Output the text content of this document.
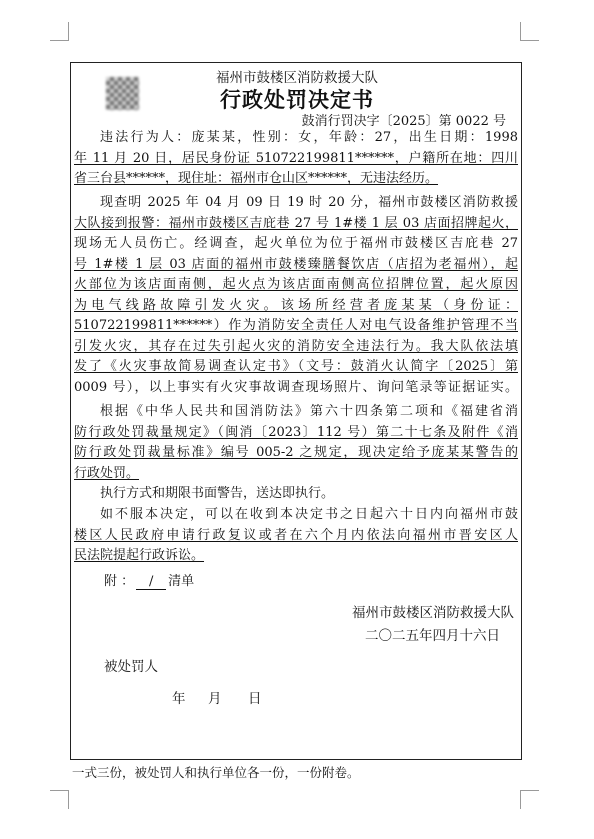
福州市鼓楼区消防救援大队
行政处罚决定书
鼓消行罚决字〔2025〕第 0022 号
违法行为人：庞某某，性别：女，年龄：27，出生日期：1998
年 11 月 20 日，居民身份证 510722199811******，户籍所在地：四川
省三台县******，现住址：福州市仓山区******，无违法经历。
现查明 2025 年 04 月 09 日 19 时 20 分，福州市鼓楼区消防救援
大队接到报警：福州市鼓楼区吉庇巷 27 号 1#楼 1 层 03 店面招牌起火，
现场无人员伤亡。经调查，起火单位为位于福州市鼓楼区吉庇巷 27
号 1#楼 1 层 03 店面的福州市鼓楼臻膳餐饮店（店招为老福州），起
火部位为该店面南侧，起火点为该店面南侧高位招牌位置，起火原因
为电气线路故障引发火灾。该场所经营者庞某某（身份证：
510722199811******）作为消防安全责任人对电气设备维护管理不当
引发火灾，其存在过失引起火灾的消防安全违法行为。我大队依法填
发了《火灾事故简易调查认定书》（文号：鼓消火认简字〔2025〕第
0009 号），以上事实有火灾事故调查现场照片、询问笔录等证据证实。
根据《中华人民共和国消防法》第六十四条第二项和《福建省消
防行政处罚裁量规定》（闽消〔2023〕112 号）第二十七条及附件《消
防行政处罚裁量标准》编号 005-2 之规定，现决定给予庞某某警告的
行政处罚。
执行方式和期限书面警告，送达即执行。
如不服本决定，可以在收到本决定书之日起六十日内向福州市鼓
楼区人民政府申请行政复议或者在六个月内依法向福州市晋安区人
民法院提起行政诉讼。
附 ： / 清单
福州市鼓楼区消防救援大队
二〇二五年四月十六日
被处罚人
年 月 日
一式三份，被处罚人和执行单位各一份，一份附卷。
